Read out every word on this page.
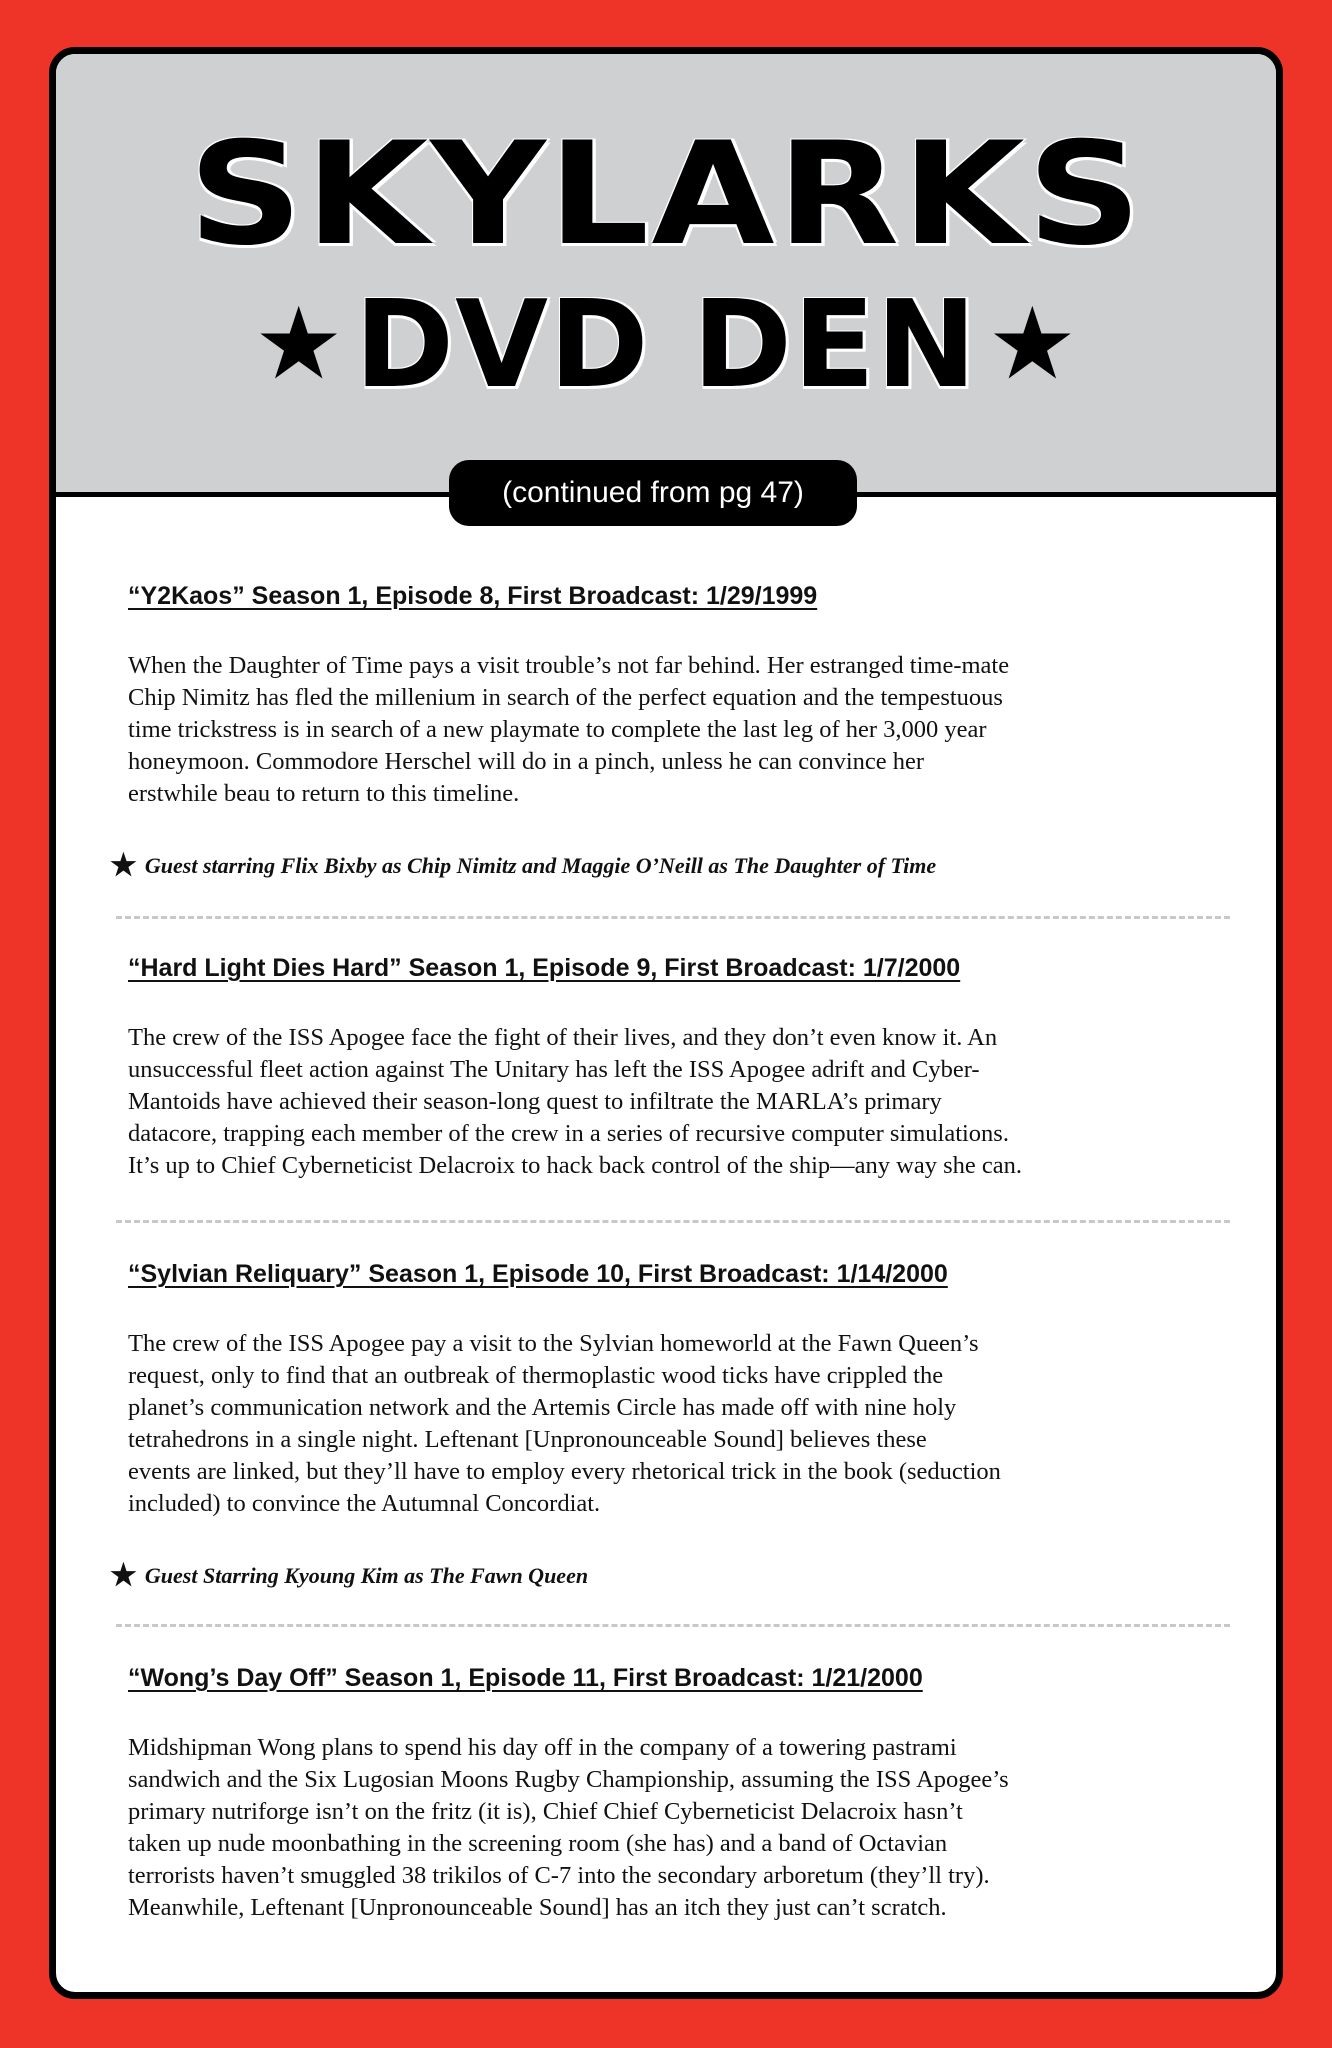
SKYLARKS
★DVD DEN ★
(continued from pg 47)
“Y2Kaos” Season 1, Episode 8, First Broadcast: 1/29/1999

When the Daughter of Time pays a visit trouble’s not far behind. Her estranged time-mate

Chip Nimitz has fled the millenium in search of the perfect equation and the tempestuous

time trickstress is in search of a new playmate to complete the last leg of her 3,000 year

honeymoon. Commodore Herschel will do in a pinch, unless he can convince her

erstwhile beau to return to this timeline.

★ Guest starring Flix Bixby as Chip Nimitz and Maggie O’Neill as The Daughter of Time
“Hard Light Dies Hard” Season 1, Episode 9, First Broadcast: 1/7/2000

The crew of the ISS Apogee face the fight of their lives, and they don’t even know it. An

unsuccessful fleet action against The Unitary has left the ISS Apogee adrift and Cyber-

Mantoids have achieved their season-long quest to infiltrate the MARLA’s primary

datacore, trapping each member of the crew in a series of recursive computer simulations.

It’s up to Chief Cyberneticist Delacroix to hack back control of the ship—any way she can.

“Sylvian Reliquary” Season 1, Episode 10, First Broadcast: 1/14/2000

The crew of the ISS Apogee pay a visit to the Sylvian homeworld at the Fawn Queen’s

request, only to find that an outbreak of thermoplastic wood ticks have crippled the

planet’s communication network and the Artemis Circle has made off with nine holy

tetrahedrons in a single night. Leftenant [Unpronounceable Sound] believes these

events are linked, but they’ll have to employ every rhetorical trick in the book (seduction

included) to convince the Autumnal Concordiat.

★ Guest Starring Kyoung Kim as The Fawn Queen
“Wong’s Day Off” Season 1, Episode 11, First Broadcast: 1/21/2000

Midshipman Wong plans to spend his day off in the company of a towering pastrami

sandwich and the Six Lugosian Moons Rugby Championship, assuming the ISS Apogee’s

primary nutriforge isn’t on the fritz (it is), Chief Chief Cyberneticist Delacroix hasn’t

taken up nude moonbathing in the screening room (she has) and a band of Octavian

terrorists haven’t smuggled 38 trikilos of C-7 into the secondary arboretum (they’ll try).

Meanwhile, Leftenant [Unpronounceable Sound] has an itch they just can’t scratch.
